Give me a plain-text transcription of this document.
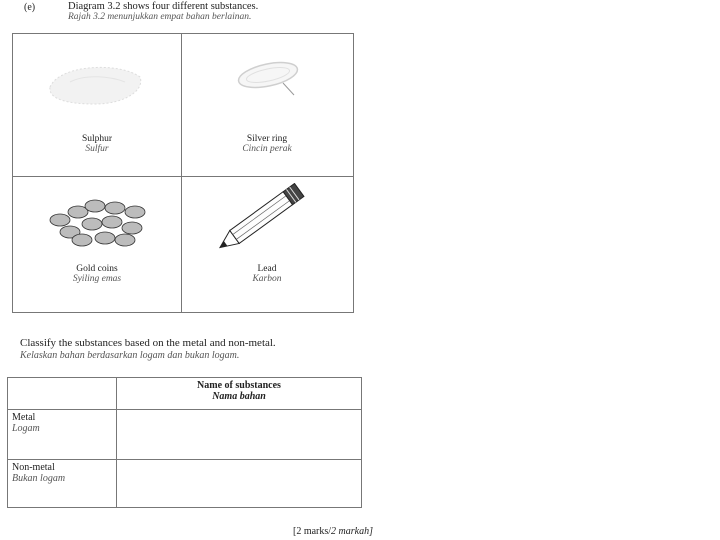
(e)	Diagram 3.2 shows four different substances.
Rajah 3.2 menunjukkan empat bahan berlainan.
Sulphur
Sulfur
Silver ring
Cincin perak
Gold coins
Syiling emas
Lead
Karbon
Classify the substances based on the metal and non-metal.
Kelaskan bahan berdasarkan logam dan bukan logam.

	Name of substances
Nama bahan

Metal
Logam	

Non-metal
Bukan logam	

[2 marks/2 markah]
